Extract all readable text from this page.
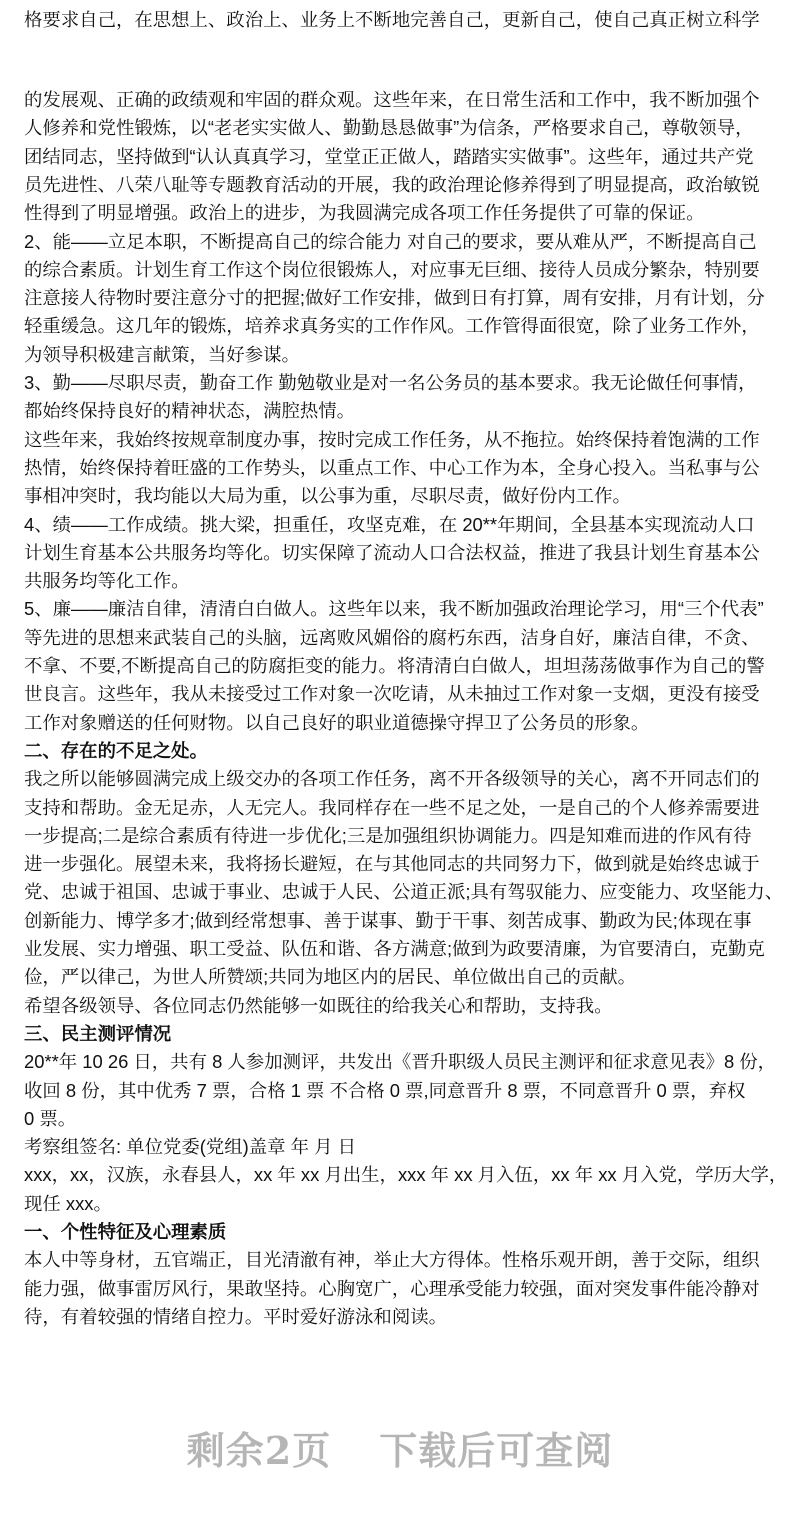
格要求自己，在思想上、政治上、业务上不断地完善自己，更新自己，使自己真正树立科学
的发展观、正确的政绩观和牢固的群众观。这些年来，在日常生活和工作中，我不断加强个
人修养和党性锻炼，以“老老实实做人、勤勤恳恳做事”为信条，严格要求自己，尊敬领导，
团结同志，坚持做到“认认真真学习，堂堂正正做人，踏踏实实做事”。这些年，通过共产党
员先进性、八荣八耻等专题教育活动的开展，我的政治理论修养得到了明显提高，政治敏锐
性得到了明显增强。政治上的进步，为我圆满完成各项工作任务提供了可靠的保证。
2、能——立足本职，不断提高自己的综合能力 对自己的要求，要从难从严，不断提高自己
的综合素质。计划生育工作这个岗位很锻炼人，对应事无巨细、接待人员成分繁杂，特别要
注意接人待物时要注意分寸的把握;做好工作安排，做到日有打算，周有安排，月有计划，分
轻重缓急。这几年的锻炼，培养求真务实的工作作风。工作管得面很宽，除了业务工作外，
为领导积极建言献策，当好参谋。
3、勤——尽职尽责，勤奋工作 勤勉敬业是对一名公务员的基本要求。我无论做任何事情，
都始终保持良好的精神状态，满腔热情。
这些年来，我始终按规章制度办事，按时完成工作任务，从不拖拉。始终保持着饱满的工作
热情，始终保持着旺盛的工作势头，以重点工作、中心工作为本，全身心投入。当私事与公
事相冲突时，我均能以大局为重，以公事为重，尽职尽责，做好份内工作。
4、绩——工作成绩。挑大梁，担重任，攻坚克难，在 20**年期间，全县基本实现流动人口
计划生育基本公共服务均等化。切实保障了流动人口合法权益，推进了我县计划生育基本公
共服务均等化工作。
5、廉——廉洁自律，清清白白做人。这些年以来，我不断加强政治理论学习，用“三个代表”
等先进的思想来武装自己的头脑，远离败风媚俗的腐朽东西，洁身自好，廉洁自律，不贪、
不拿、不要,不断提高自己的防腐拒变的能力。将清清白白做人，坦坦荡荡做事作为自己的警
世良言。这些年，我从未接受过工作对象一次吃请，从未抽过工作对象一支烟，更没有接受
工作对象赠送的任何财物。以自己良好的职业道德操守捍卫了公务员的形象。
二、存在的不足之处。
我之所以能够圆满完成上级交办的各项工作任务，离不开各级领导的关心，离不开同志们的
支持和帮助。金无足赤，人无完人。我同样存在一些不足之处，一是自己的个人修养需要进
一步提高;二是综合素质有待进一步优化;三是加强组织协调能力。四是知难而进的作风有待
进一步强化。展望未来，我将扬长避短，在与其他同志的共同努力下，做到就是始终忠诚于
党、忠诚于祖国、忠诚于事业、忠诚于人民、公道正派;具有驾驭能力、应变能力、攻坚能力、
创新能力、博学多才;做到经常想事、善于谋事、勤于干事、刻苦成事、勤政为民;体现在事
业发展、实力增强、职工受益、队伍和谐、各方满意;做到为政要清廉，为官要清白，克勤克
俭，严以律己，为世人所赞颂;共同为地区内的居民、单位做出自己的贡献。
希望各级领导、各位同志仍然能够一如既往的给我关心和帮助，支持我。
三、民主测评情况
20**年 10 26 日，共有 8 人参加测评，共发出《晋升职级人员民主测评和征求意见表》8 份，
收回 8 份，其中优秀 7 票，合格 1 票 不合格 0 票,同意晋升 8 票，不同意晋升 0 票，弃权
0 票。
考察组签名: 单位党委(党组)盖章 年 月 日
xxx，xx，汉族，永春县人，xx 年 xx 月出生，xxx 年 xx 月入伍，xx 年 xx 月入党，学历大学，
现任 xxx。
一、个性特征及心理素质
本人中等身材，五官端正，目光清澈有神，举止大方得体。性格乐观开朗，善于交际，组织
能力强，做事雷厉风行，果敢坚持。心胸宽广，心理承受能力较强，面对突发事件能冷静对
待，有着较强的情绪自控力。平时爱好游泳和阅读。
剩余2页 下载后可查阅
